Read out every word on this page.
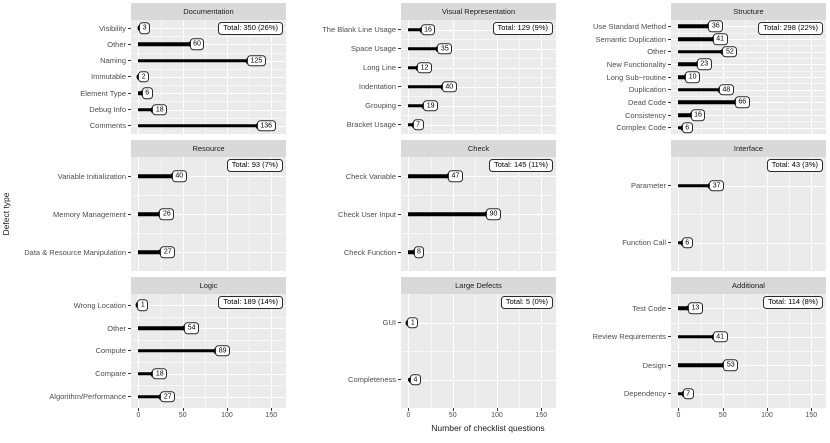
Defect type
Documentation
Visibility
Other
Naming
Immutable
Element Type
Debug Info
Comments
3
60
125
2
6
18
136
Total: 350 (26%)
Visual Representation
The Blank Line Usage
Space Usage
Long Line
Indentation
Grouping
Bracket Usage
16
35
12
40
19
7
Total: 129 (9%)
Structure
Use Standard Method
Semantic Duplication
Other
New Functionality
Long Sub−routine
Duplication
Dead Code
Consistency
Complex Code
36
41
52
23
10
48
66
16
6
Total: 298 (22%)
Resource
Variable Initialization
Memory Management
Data & Resource Manipulation
40
26
27
Total: 93 (7%)
Check
Check Variable
Check User Input
Check Function
47
90
8
Total: 145 (11%)
Interface
Parameter
Function Call
37
6
Total: 43 (3%)
Logic
Wrong Location
Other
Compute
Compare
Algorithm/Performance
1
54
89
18
27
Total: 189 (14%)
0	50	100	150
Large Defects
GUI
Completeness
1
4
Total: 5 (0%)
0	50	100	150
Additional
Test Code
Review Requirements
Design
Dependency
13
41
53
7
Total: 114 (8%)
0	50	100	150
Number of checklist questions
